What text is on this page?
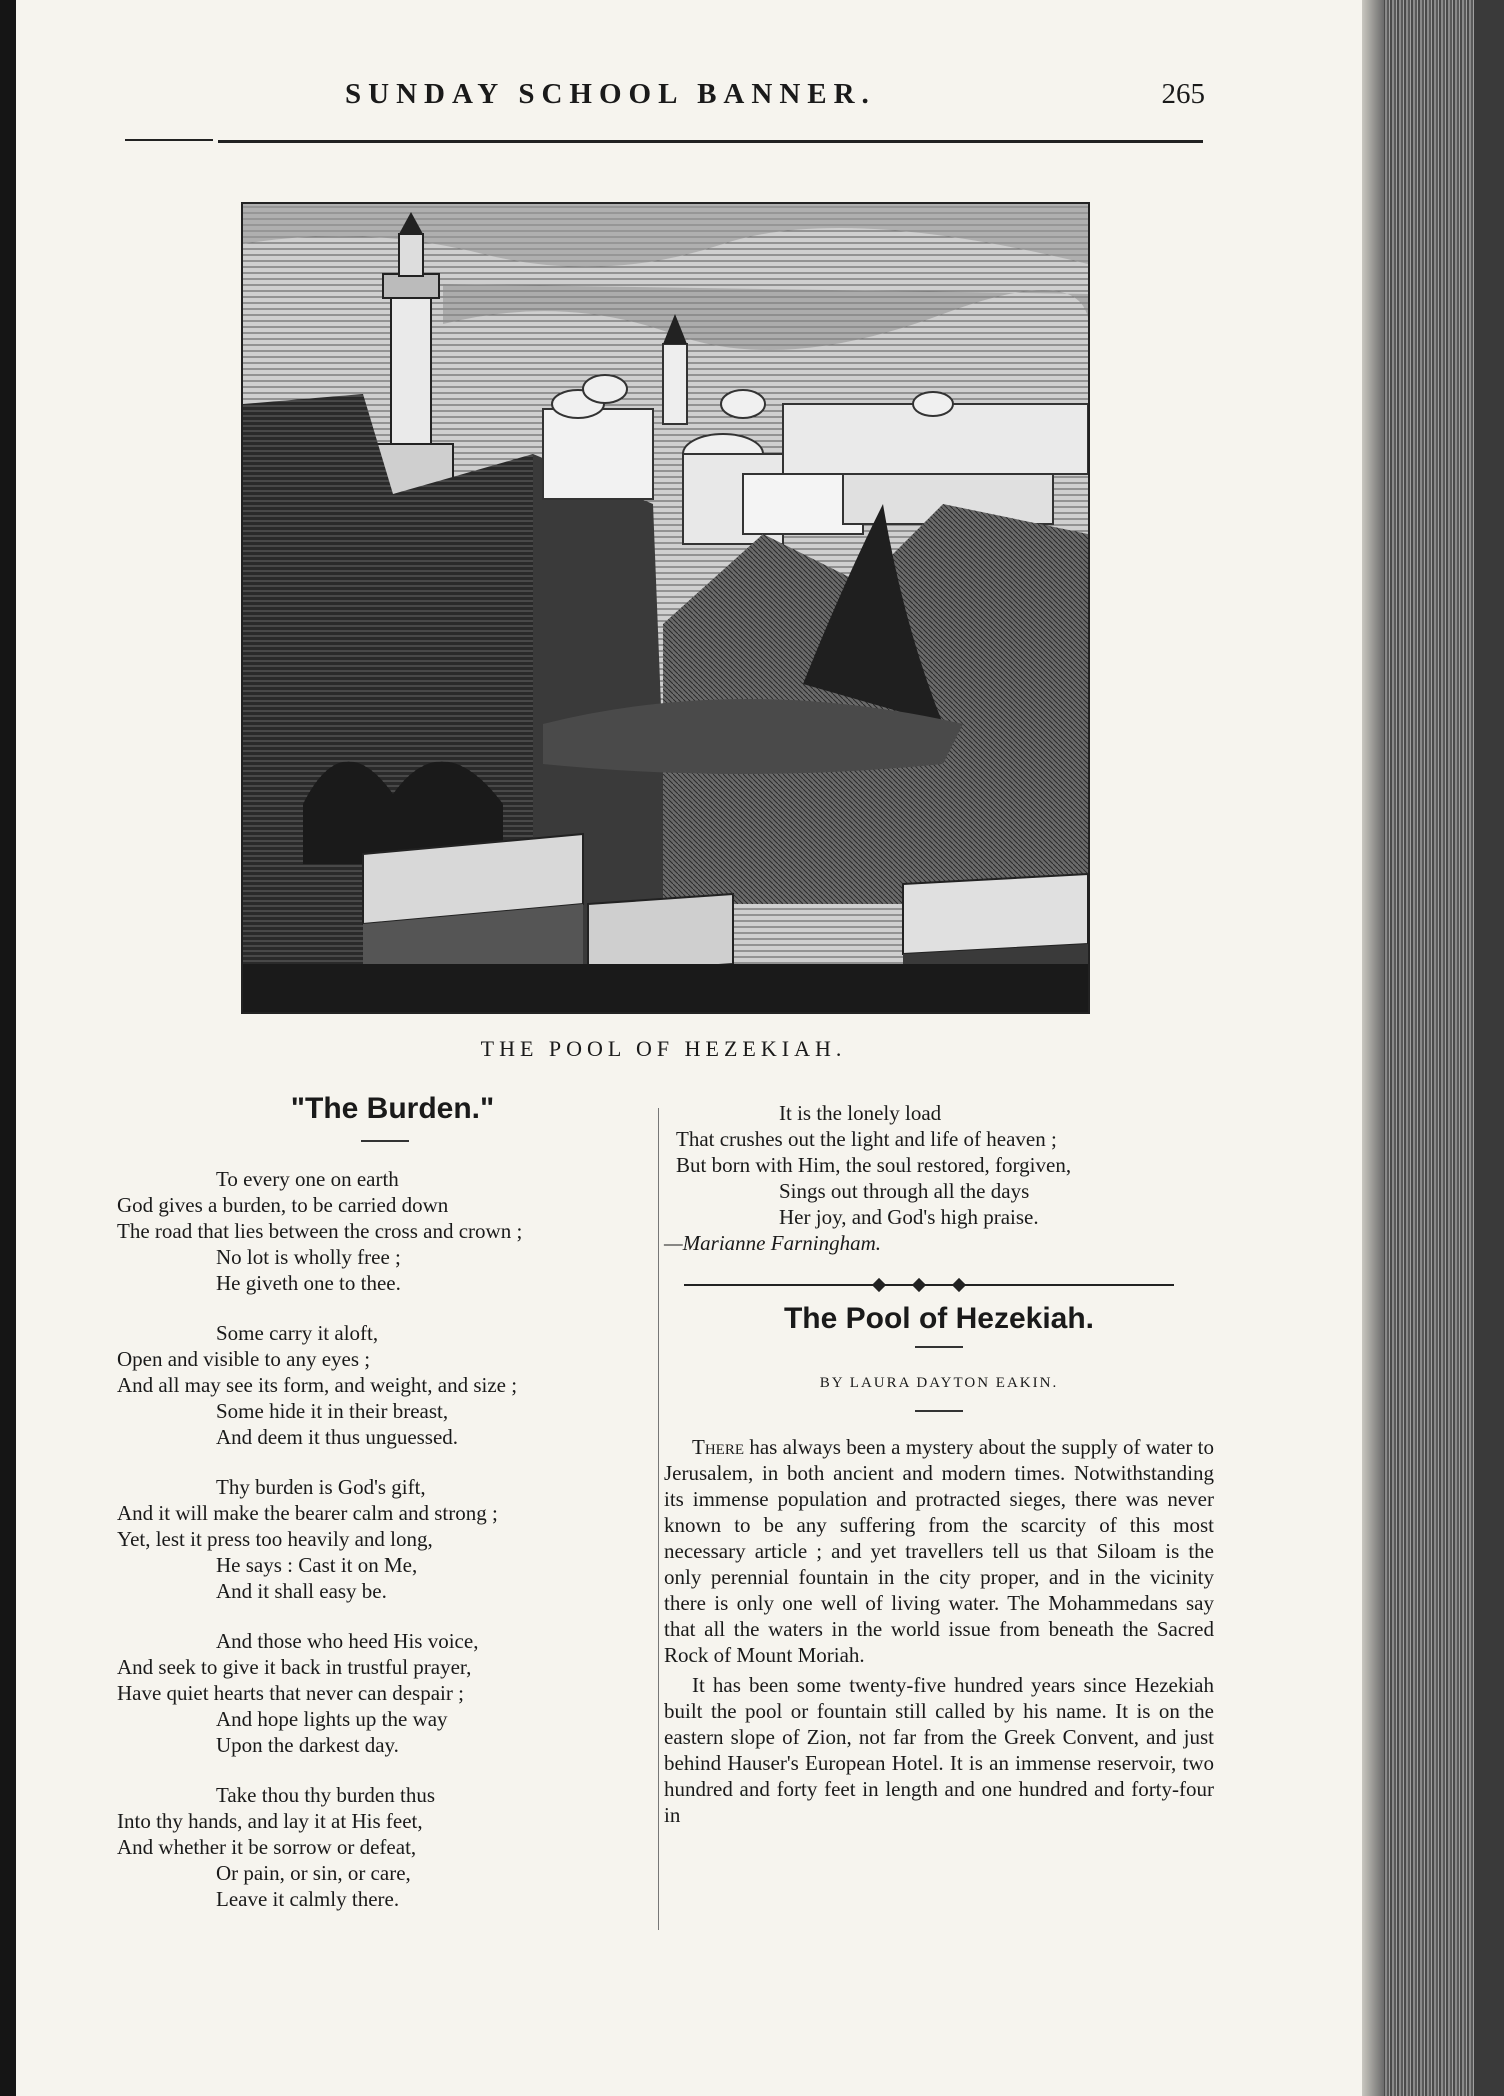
SUNDAY SCHOOL BANNER.	265
THE POOL OF HEZEKIAH.
"The Burden."
To every one on earth
God gives a burden, to be carried down
The road that lies between the cross and crown ;
No lot is wholly free ;
He giveth one to thee.
Some carry it aloft,
Open and visible to any eyes ;
And all may see its form, and weight, and size ;
Some hide it in their breast,
And deem it thus unguessed.
Thy burden is God's gift,
And it will make the bearer calm and strong ;
Yet, lest it press too heavily and long,
He says : Cast it on Me,
And it shall easy be.
And those who heed His voice,
And seek to give it back in trustful prayer,
Have quiet hearts that never can despair ;
And hope lights up the way
Upon the darkest day.
Take thou thy burden thus
Into thy hands, and lay it at His feet,
And whether it be sorrow or defeat,
Or pain, or sin, or care,
Leave it calmly there.
It is the lonely load
That crushes out the light and life of heaven ;
But born with Him, the soul restored, forgiven,
Sings out through all the days
Her joy, and God's high praise.
—Marianne Farningham.
The Pool of Hezekiah.
BY LAURA DAYTON EAKIN.

There has always been a mystery about the supply of water to Jerusalem, in both ancient and modern times. Notwithstanding its immense population and protracted sieges, there was never known to be any suffering from the scarcity of this most necessary article ; and yet travellers tell us that Siloam is the only perennial fountain in the city proper, and in the vicinity there is only one well of living water. The Mohammedans say that all the waters in the world issue from beneath the Sacred Rock of Mount Moriah.

It has been some twenty-five hundred years since Hezekiah built the pool or fountain still called by his name. It is on the eastern slope of Zion, not far from the Greek Convent, and just behind Hauser's European Hotel. It is an immense reservoir, two hundred and forty feet in length and one hundred and forty-four in
